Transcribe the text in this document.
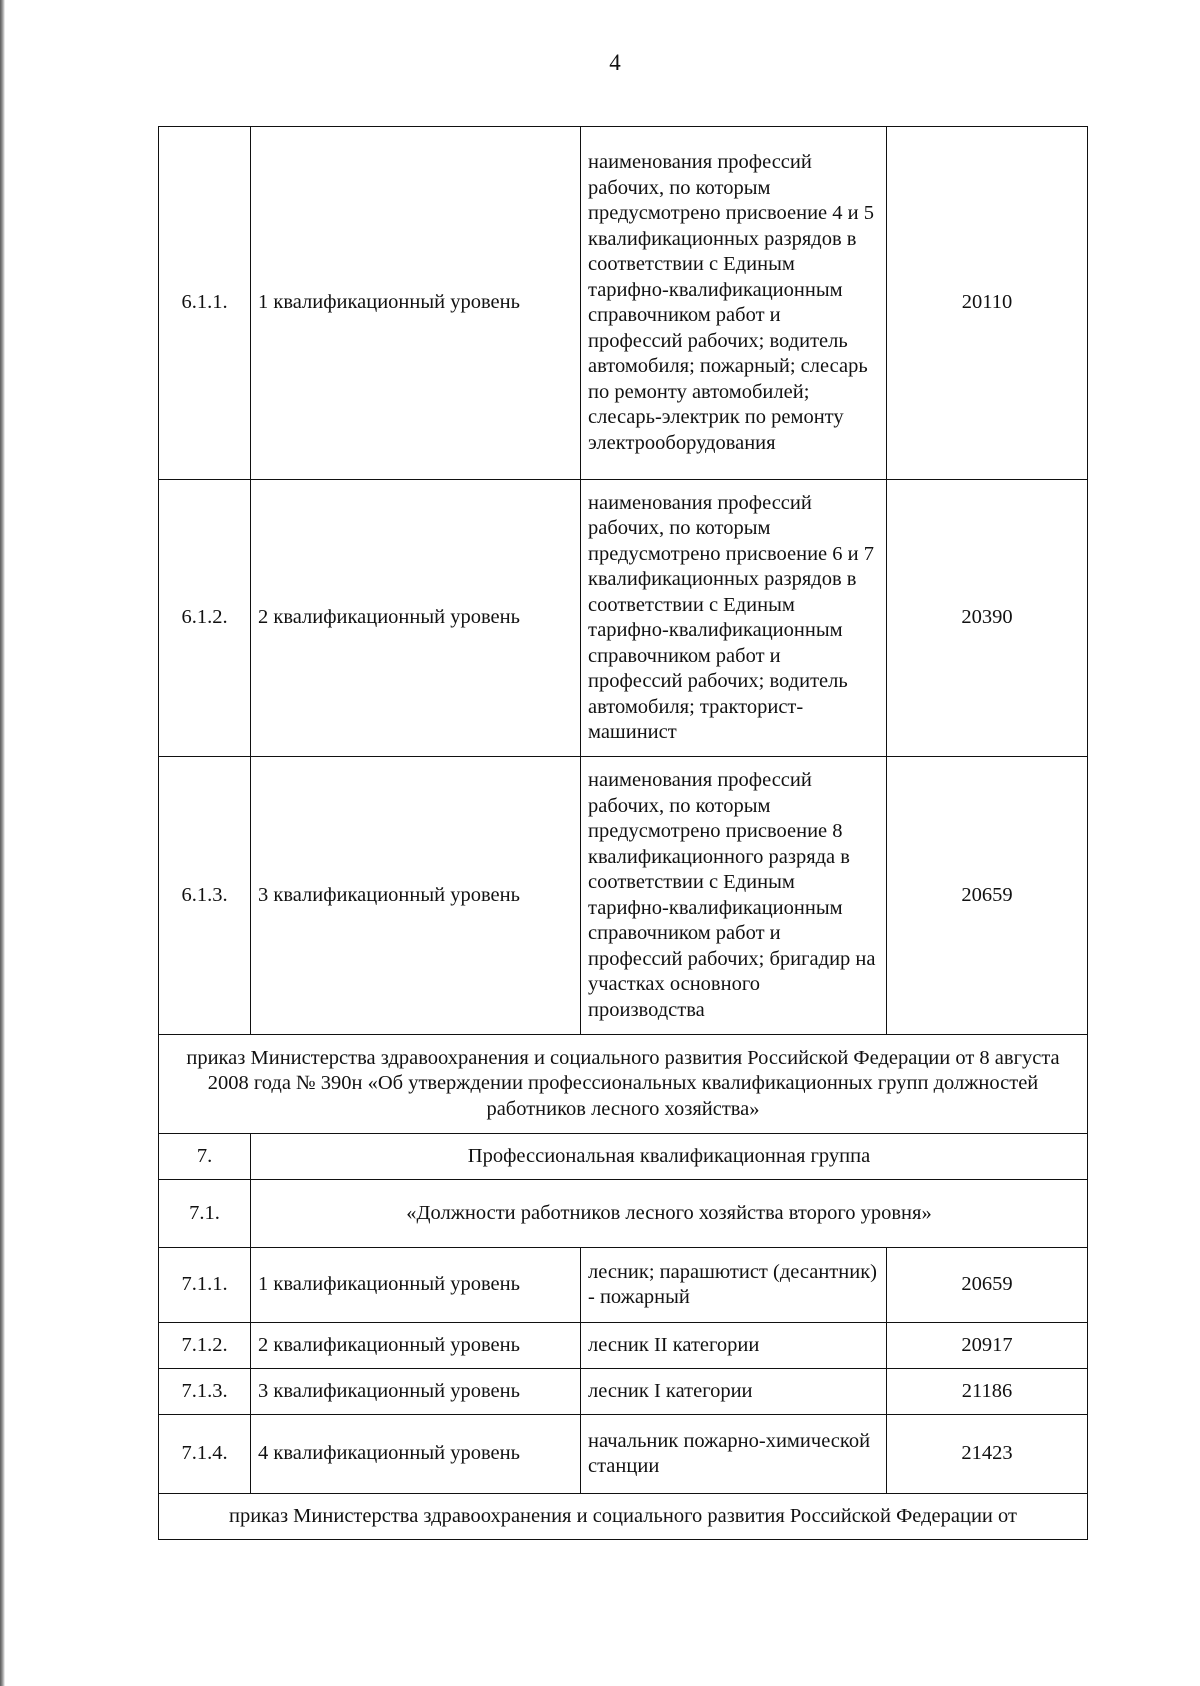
4
6.1.1.	1 квалификационный уровень	наименования профессий рабочих, по которым предусмотрено присвоение 4 и 5 квалификационных разрядов в соответствии с Единым тарифно-квалификационным справочником работ и профессий рабочих; водитель автомобиля; пожарный; слесарь по ремонту автомобилей; слесарь-электрик по ремонту электрооборудования	20110
6.1.2.	2 квалификационный уровень	наименования профессий рабочих, по которым предусмотрено присвоение 6 и 7 квалификационных разрядов в соответствии с Единым тарифно-квалификационным справочником работ и профессий рабочих; водитель автомобиля; тракторист-машинист	20390
6.1.3.	3 квалификационный уровень	наименования профессий рабочих, по которым предусмотрено присвоение 8 квалификационного разряда в соответствии с Единым тарифно-квалификационным справочником работ и профессий рабочих; бригадир на участках основного производства	20659
приказ Министерства здравоохранения и социального развития Российской Федерации от 8 августа 2008 года № 390н «Об утверждении профессиональных квалификационных групп должностей работников лесного хозяйства»			
7.	Профессиональная квалификационная группа		
7.1.	«Должности работников лесного хозяйства второго уровня»		
7.1.1.	1 квалификационный уровень	лесник; парашютист (десантник) - пожарный	20659
7.1.2.	2 квалификационный уровень	лесник II категории	20917
7.1.3.	3 квалификационный уровень	лесник I категории	21186
7.1.4.	4 квалификационный уровень	начальник пожарно-химической станции	21423
приказ Министерства здравоохранения и социального развития Российской Федерации от			
